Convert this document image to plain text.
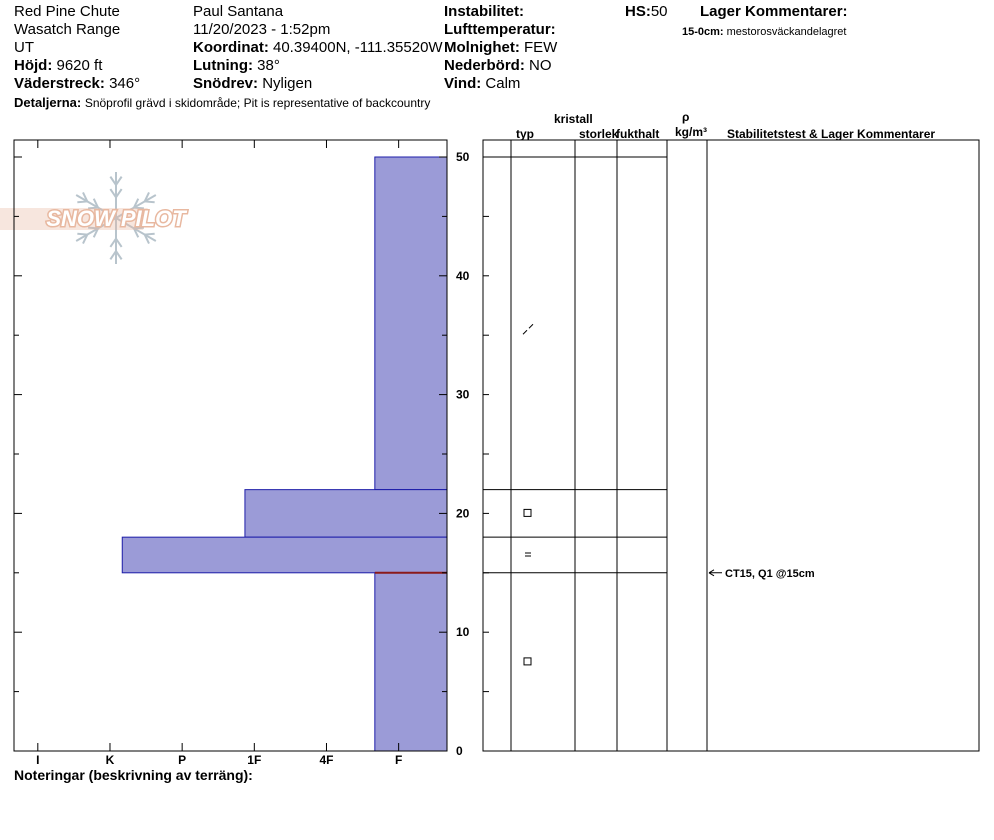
Red Pine Chute
Wasatch Range
UT
Höjd: 9620 ft
Väderstreck: 346°
Detaljerna: Snöprofil grävd i skidområde; Pit is representative of backcountry
Paul Santana
11/20/2023 - 1:52pm
Koordinat: 40.39400N, -111.35520W
Lutning: 38°
Snödrev: Nyligen
Instabilitet:
Lufttemperatur:
Molnighet: FEW
Nederbörd: NO
Vind: Calm
HS:50 Lager Kommentarer:
15-0cm: mestorosväckandelagret
kristall
typ	storlek
fukthalt
ρ
kg/m³ Stabilitetstest & Lager Kommentarer
Noteringar (beskrivning av terräng):
SNOW PILOT
0
10
20
30
40
50
I	K	P	1F	4F	F
CT15, Q1 @15cm
